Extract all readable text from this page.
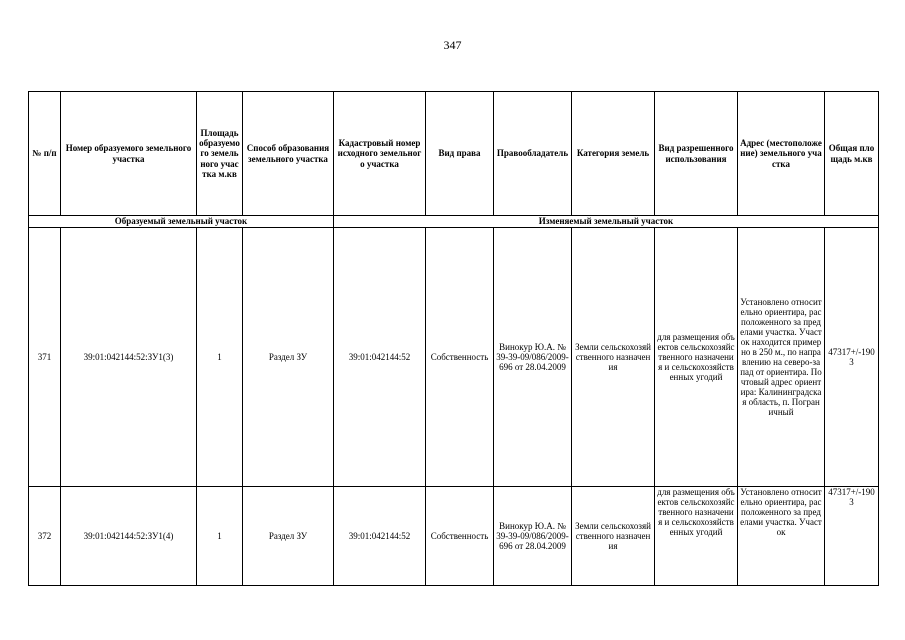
347
№ п/п	Номер образуемого земельного участка	Площадь образуемого земельного участка м.кв	Способ образования земельного участка	Кадастровый номер исходного земельного участка	Вид права	Правообладатель	Категория земель	Вид разрешенного использования	Адрес (местоположение) земельного участка	Общая площадь м.кв
Образуемый земельный участок				Изменяемый земельный участок						
371	39:01:042144:52:ЗУ1(3)	1	Раздел ЗУ	39:01:042144:52	Собственность	Винокур Ю.А. № 39-39-09/086/2009-696 от 28.04.2009	Земли сельскохозяйственного назначения	для размещения объектов сельскохозяйственного назначения и сельскохозяйственных угодий	Установлено относительно ориентира, расположенного за пределами участка. Участок находится примерно в 250 м., по направлению на северо-запад от ориентира. Почтовый адрес ориентира: Калининградская область, п. Пограничный	47317+/-1903
372	39:01:042144:52:ЗУ1(4)	1	Раздел ЗУ	39:01:042144:52	Собственность	Винокур Ю.А. № 39-39-09/086/2009-696 от 28.04.2009	Земли сельскохозяйственного назначения	для размещения объектов сельскохозяйственного назначения и сельскохозяйственных угодий	Установлено относительно ориентира, расположенного за пределами участка. Участок	47317+/-1903
